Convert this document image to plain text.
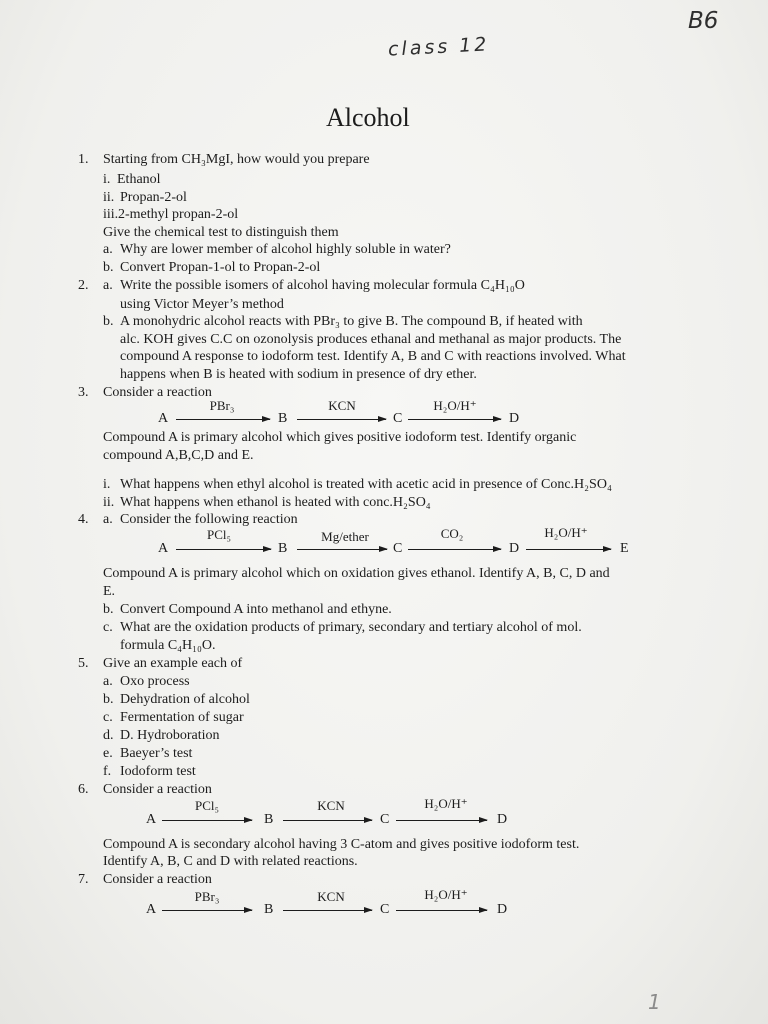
B6
class 12
1
Alcohol
1. Starting from CH₃MgI, how would you prepare
i. Ethanol
ii. Propan-2-ol
iii. 2-methyl propan-2-ol
Give the chemical test to distinguish them
a. Why are lower member of alcohol highly soluble in water?
b. Convert Propan-1-ol to Propan-2-ol
2. a. Write the possible isomers of alcohol having molecular formula C₄H₁₀O
using Victor Meyer’s method
b. A monohydric alcohol reacts with PBr₃ to give B. The compound B, if heated with
alc. KOH gives C.C on ozonolysis produces ethanal and methanal as major products. The
compound A response to iodoform test. Identify A, B and C with reactions involved. What
happens when B is heated with sodium in presence of dry ether.
3. Consider a reaction
A
PBr₃
B
KCN
C
H₂O/H⁺
D
Compound A is primary alcohol which gives positive iodoform test. Identify organic
compound A,B,C,D and E.
i. What happens when ethyl alcohol is treated with acetic acid in presence of Conc.H₂SO₄
ii. What happens when ethanol is heated with conc.H₂SO₄
4. a. Consider the following reaction
A
PCl₅
B
Mg/ether
C
CO₂
D
H₂O/H⁺
E
Compound A is primary alcohol which on oxidation gives ethanol. Identify A, B, C, D and
E.
b. Convert Compound A into methanol and ethyne.
c. What are the oxidation products of primary, secondary and tertiary alcohol of mol.
formula C₄H₁₀O.
5. Give an example each of
a. Oxo process
b. Dehydration of alcohol
c. Fermentation of sugar
d. D. Hydroboration
e. Baeyer’s test
f. Iodoform test
6. Consider a reaction
A
PCl₅
B
KCN
C
H₂O/H⁺
D
Compound A is secondary alcohol having 3 C-atom and gives positive iodoform test.
Identify A, B, C and D with related reactions.
7. Consider a reaction
A
PBr₃
B
KCN
C
H₂O/H⁺
D
